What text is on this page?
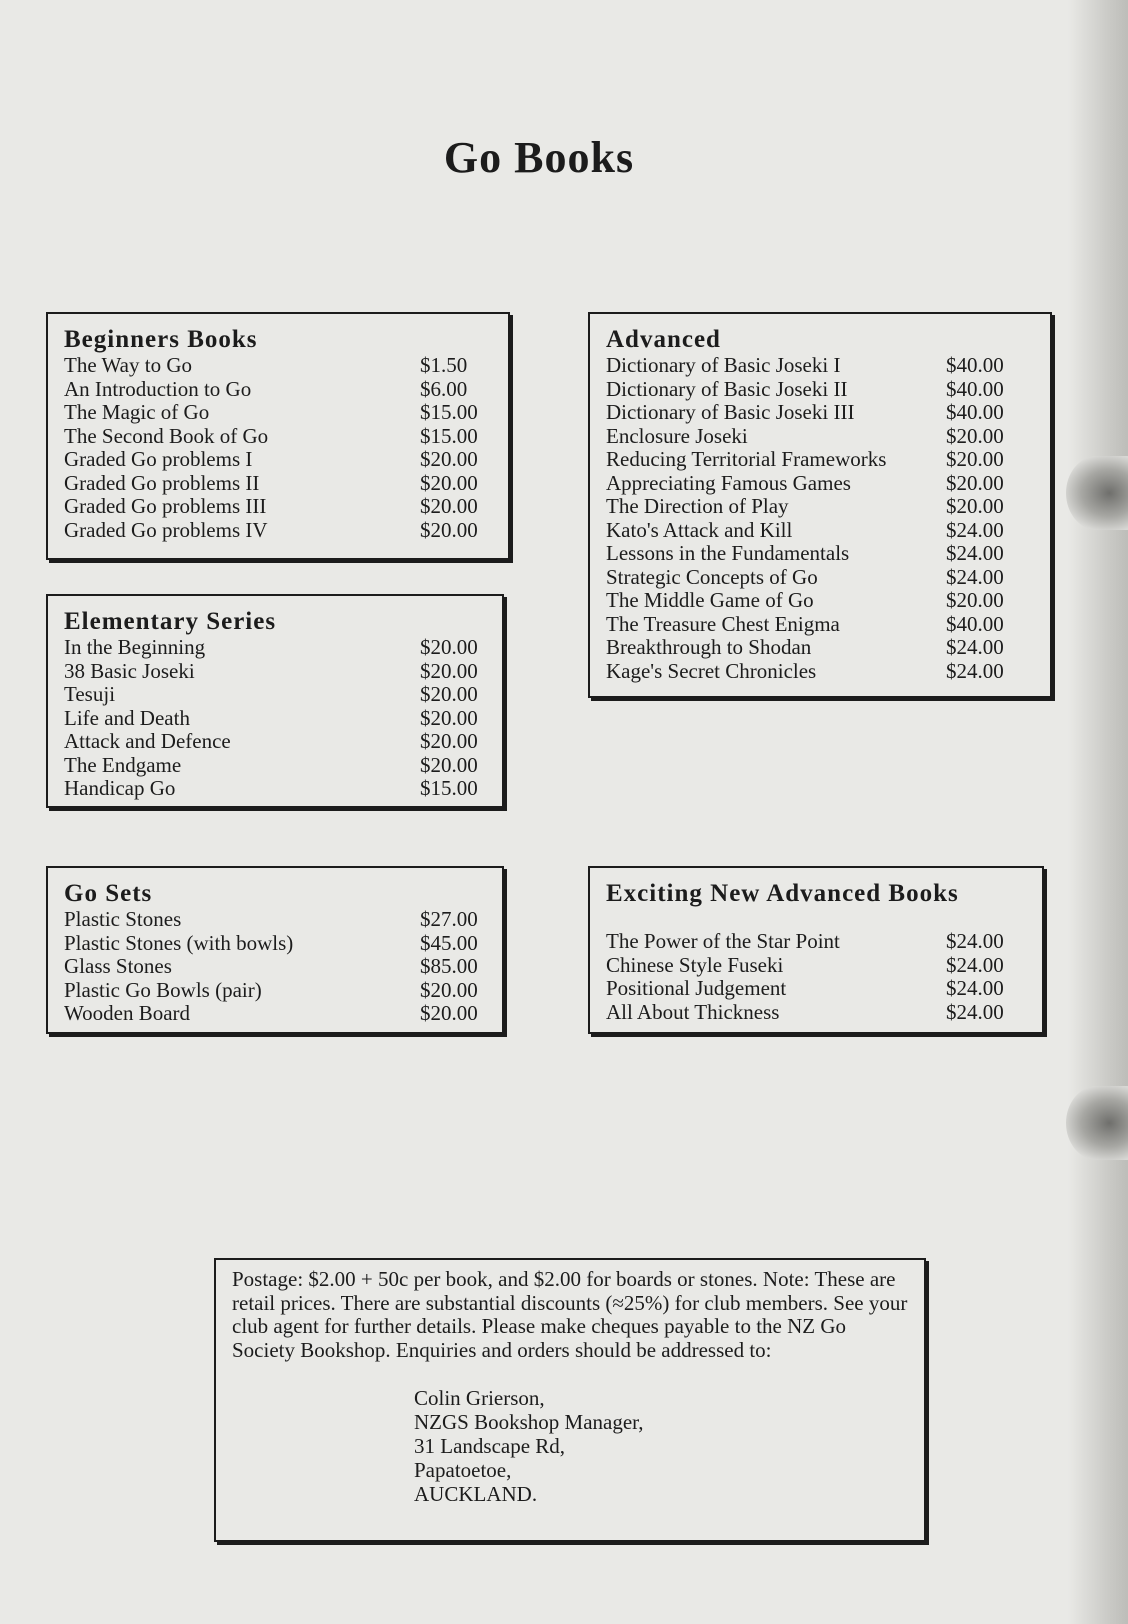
Go Books
Beginners Books
The Way to Go	$1.50
An Introduction to Go	$6.00
The Magic of Go	$15.00
The Second Book of Go	$15.00
Graded Go problems I	$20.00
Graded Go problems II	$20.00
Graded Go problems III	$20.00
Graded Go problems IV	$20.00
Elementary Series
In the Beginning	$20.00
38 Basic Joseki	$20.00
Tesuji	$20.00
Life and Death	$20.00
Attack and Defence	$20.00
The Endgame	$20.00
Handicap Go	$15.00
Advanced
Dictionary of Basic Joseki I	$40.00
Dictionary of Basic Joseki II	$40.00
Dictionary of Basic Joseki III	$40.00
Enclosure Joseki	$20.00
Reducing Territorial Frameworks	$20.00
Appreciating Famous Games	$20.00
The Direction of Play	$20.00
Kato's Attack and Kill	$24.00
Lessons in the Fundamentals	$24.00
Strategic Concepts of Go	$24.00
The Middle Game of Go	$20.00
The Treasure Chest Enigma	$40.00
Breakthrough to Shodan	$24.00
Kage's Secret Chronicles	$24.00
Go Sets
Plastic Stones	$27.00
Plastic Stones (with bowls)	$45.00
Glass Stones	$85.00
Plastic Go Bowls (pair)	$20.00
Wooden Board	$20.00
Exciting New Advanced Books
The Power of the Star Point	$24.00
Chinese Style Fuseki	$24.00
Positional Judgement	$24.00
All About Thickness	$24.00
Postage: $2.00 + 50c per book, and $2.00 for boards or stones. Note: These are retail prices. There are substantial discounts (≈25%) for club members. See your club agent for further details. Please make cheques payable to the NZ Go Society Bookshop. Enquiries and orders should be addressed to:
Colin Grierson,
NZGS Bookshop Manager,
31 Landscape Rd,
Papatoetoe,
AUCKLAND.
